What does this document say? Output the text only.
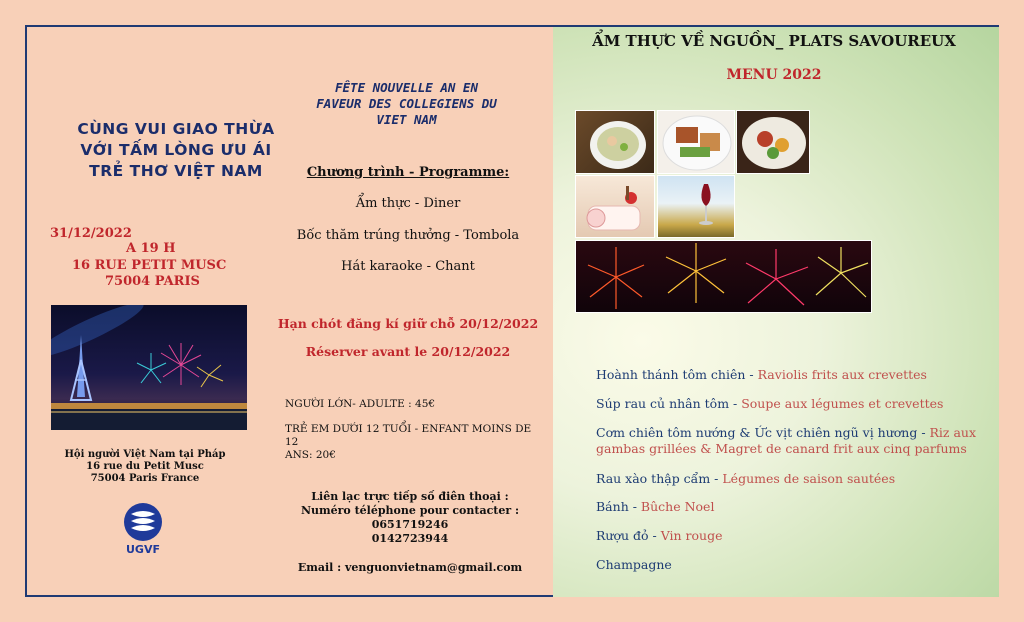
CÙNG VUI GIAO THỪA
VỚI TẤM LÒNG ƯU ÁI
TRẺ THƠ VIỆT NAM
31/12/2022
A 19 H
16 RUE PETIT MUSC
75004 PARIS
Hội người Việt Nam tại Pháp
16 rue du Petit Musc
75004 Paris France
UGVF
FÊTE NOUVELLE AN EN
FAVEUR DES COLLEGIENS DU
VIET NAM
Chương trình - Programme:
Ẩm thực - Diner
Bốc thăm trúng thưởng - Tombola
Hát karaoke - Chant
Hạn chót đăng kí giữ chỗ 20/12/2022
Réserver avant le 20/12/2022
NGƯỜI LỚN- ADULTE : 45€
TRẺ EM DƯỚI 12 TUỔI - ENFANT MOINS DE 12
ANS: 20€
Liên lạc trực tiếp số điên thoại :
Numéro téléphone pour contacter :
0651719246
0142723944
Email : venguonvietnam@gmail.com
ẨM THỰC VỀ NGUỒN_ PLATS SAVOUREUX
MENU 2022
Hoành thánh tôm chiên - Raviolis frits aux crevettes
Súp rau củ nhân tôm - Soupe aux légumes et crevettes
Cơm chiên tôm nướng & Ức vịt chiên ngũ vị hương - Riz aux gambas grillées & Magret de canard frit aux cinq parfums
Rau xào thập cẩm - Légumes de saison sautées
Bánh - Bûche Noel
Rượu đỏ - Vin rouge
Champagne
